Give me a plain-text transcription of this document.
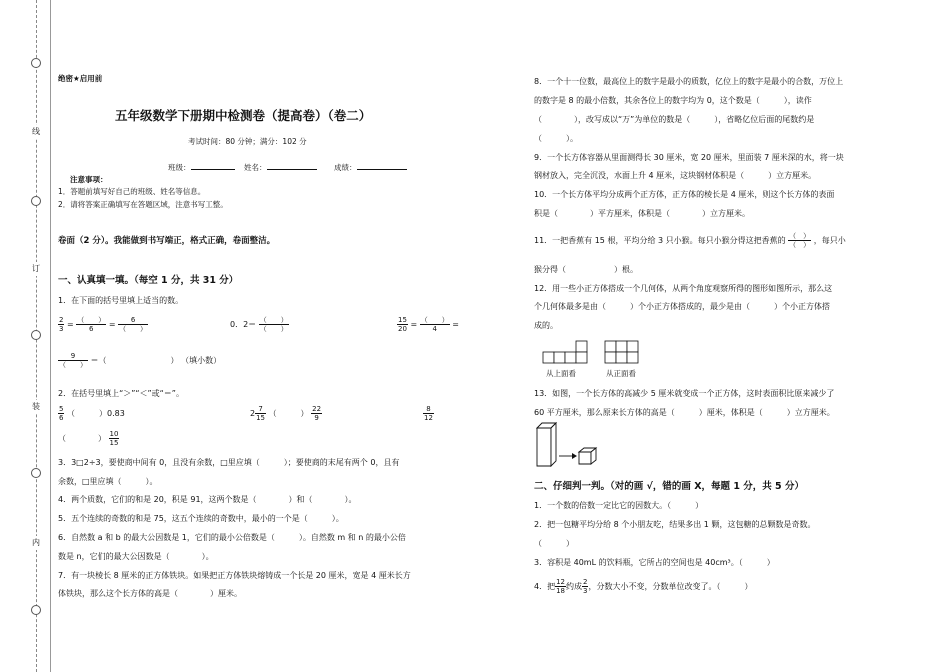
线
订
装
内
绝密★启用前
五年级数学下册期中检测卷（提高卷）（卷二）
考试时间：80 分钟；满分：102 分
班级：	姓名：	成绩：
注意事项：
1．答题前填写好自己的班级、姓名等信息。
2．请将答案正确填写在答题区域，注意书写工整。
卷面（2 分）。我能做到书写端正，格式正确，卷面整洁。
一、认真填一填。（每空 1 分，共 31 分）
1．在下面的括号里填上适当的数。
$\frac{2}{3} = \frac{( )}{6} = \frac{6}{( )}$	0．$2= \frac{( )}{( )}$	$\frac{15}{20} = \frac{( )}{4}$ =
$\frac{9}{( )}$ ＝（　　　　　　　　） （填小数）
2．在括号里填上“＞”“＜”或“＝”。
$\frac{5}{6}$ （　　　）0.83	$2 \frac{7}{15}$ （　　　） $\frac{22}{9}$	$\frac{8}{12}$
（　　　　） $\frac{10}{15}$
3．3□2÷3，要使商中间有 0，且没有余数，□里应填（　　　）；要使商的末尾有两个 0，且有
余数，□里应填（　　　）。
4．两个质数，它们的和是 20，积是 91，这两个数是（　　　　）和（　　　　）。
5．五个连续的奇数的和是 75，这五个连续的奇数中，最小的一个是（　　　）。
6．自然数 a 和 b 的最大公因数是 1，它们的最小公倍数是（　　　）。自然数 m 和 n 的最小公倍
数是 n，它们的最大公因数是（　　　　）。
7．有一块棱长 8 厘米的正方体铁块。如果把正方体铁块熔铸成一个长是 20 厘米，宽是 4 厘米长方
体铁块，那么这个长方体的高是（　　　　）厘米。
8．一个十一位数，最高位上的数字是最小的质数，亿位上的数字是最小的合数，万位上
的数字是 8 的最小倍数，其余各位上的数字均为 0，这个数是（　　　），读作
（　　　　），改写成以“万”为单位的数是（　　　），省略亿位后面的尾数约是
（　　　）。
9．一个长方体容器从里面测得长 30 厘米，宽 20 厘米，里面装 7 厘米深的水，将一块
钢材放入，完全沉没，水面上升 4 厘米，这块钢材体积是（　　　）立方厘米。
10．一个长方体平均分成两个正方体，正方体的棱长是 4 厘米，则这个长方体的表面
积是（　　　　）平方厘米，体积是（　　　　）立方厘米。
11．一把香蕉有 15 根，平均分给 3 只小猴。每只小猴分得这把香蕉的 $\frac{( )}{( )}$ ，每只小
猴分得（　　　　　　）根。
12．用一些小正方体搭成一个几何体，从两个角度观察所得的图形如图所示，那么这
个几何体最多是由（　　　）个小正方体搭成的，最少是由（　　　）个小正方体搭
成的。
从上面看	从正面看
13．如图，一个长方体的高减少 5 厘米就变成一个正方体，这时表面积比原来减少了
60 平方厘米，那么原来长方体的高是（　　　）厘米，体积是（　　　）立方厘米。
二、仔细判一判。（对的画 √，错的画 X，每题 1 分，共 5 分）
1．一个数的倍数一定比它的因数大。（　　　）
2．把一包糖平均分给 8 个小朋友吃，结果多出 1 颗，这包糖的总颗数是奇数。
（　　　）
3．容积是 40mL 的饮料瓶，它所占的空间也是 40cm³。（　　　）
4．把 $\frac{12}{18}$ 约成 $\frac{2}{3}$ ，分数大小不变，分数单位改变了。（　　　）
